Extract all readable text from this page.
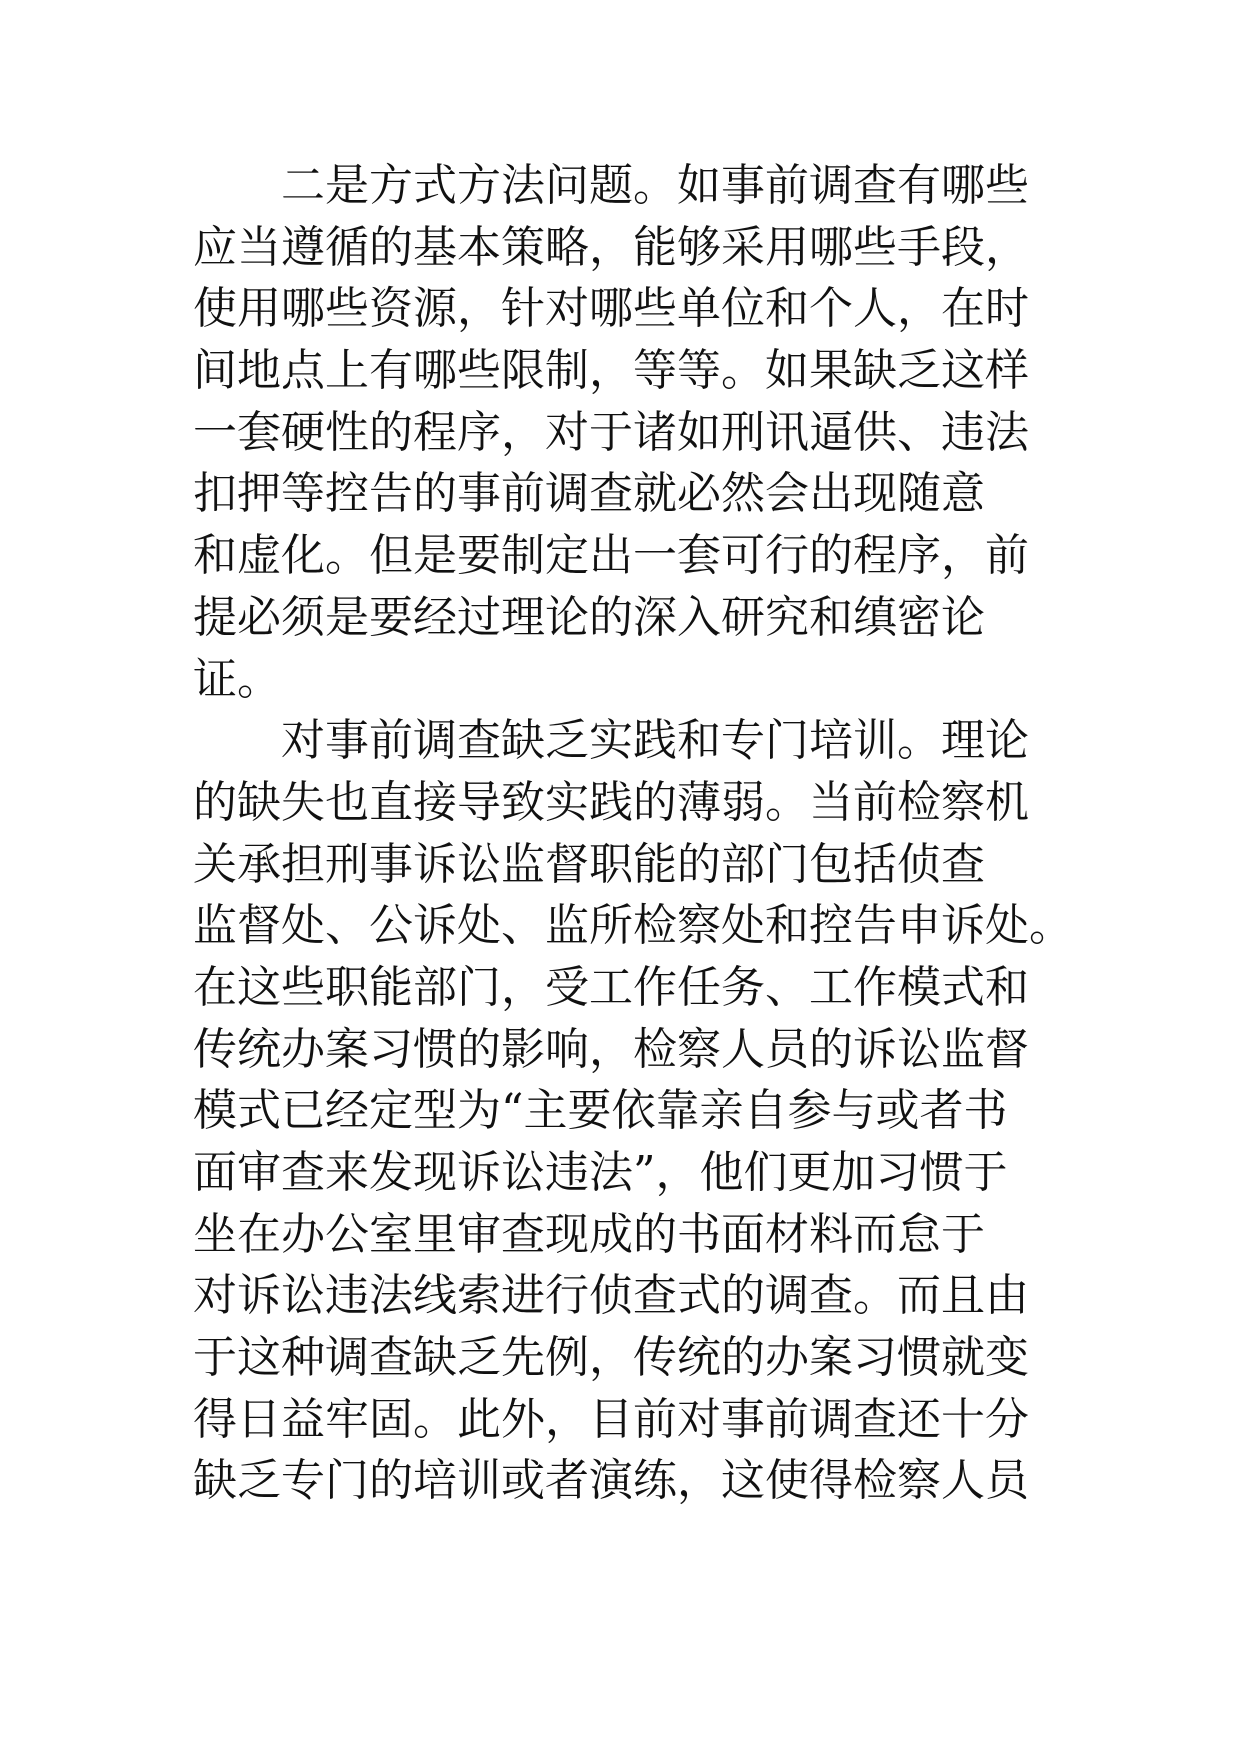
二是方式方法问题。如事前调查有哪些
应当遵循的基本策略，能够采用哪些手段，
使用哪些资源，针对哪些单位和个人，在时
间地点上有哪些限制，等等。如果缺乏这样
一套硬性的程序，对于诸如刑讯逼供、违法
扣押等控告的事前调查就必然会出现随意
和虚化。但是要制定出一套可行的程序，前
提必须是要经过理论的深入研究和缜密论
证。
对事前调查缺乏实践和专门培训。理论
的缺失也直接导致实践的薄弱。当前检察机
关承担刑事诉讼监督职能的部门包括侦查
监督处、公诉处、监所检察处和控告申诉处。
在这些职能部门，受工作任务、工作模式和
传统办案习惯的影响，检察人员的诉讼监督
模式已经定型为“主要依靠亲自参与或者书
面审查来发现诉讼违法”，他们更加习惯于
坐在办公室里审查现成的书面材料而怠于
对诉讼违法线索进行侦查式的调查。而且由
于这种调查缺乏先例，传统的办案习惯就变
得日益牢固。此外，目前对事前调查还十分
缺乏专门的培训或者演练，这使得检察人员
